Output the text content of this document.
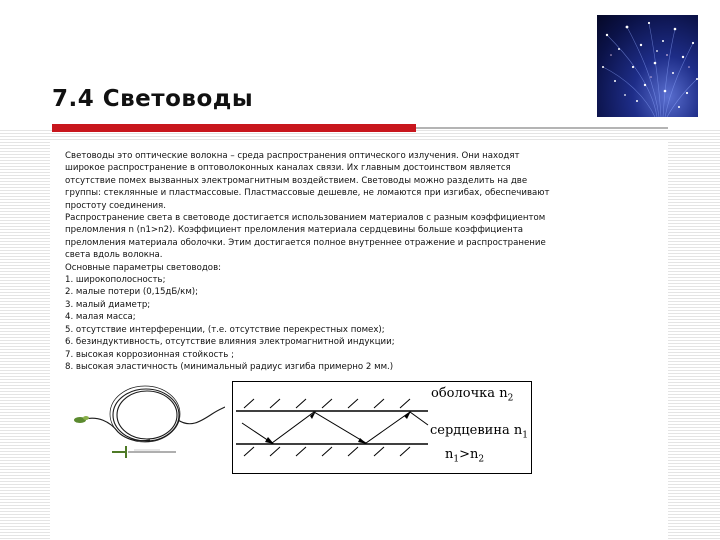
7.4 Световоды
Световоды это оптические волокна – среда распространения оптического излучения. Они находят
широкое распространение в оптоволоконных каналах связи. Их главным достоинством является
отсутствие помех вызванных электромагнитным воздействием. Световоды можно разделить на две
группы: стеклянные и пластмассовые. Пластмассовые дешевле, не ломаются при изгибах, обеспечивают
простоту соединения.
Распространение света в световоде достигается использованием материалов с разным коэффициентом
преломления n (n1>n2). Коэффициент преломления материала сердцевины больше коэффициента
преломления материала оболочки. Этим достигается полное внутреннее отражение и распространение
света вдоль волокна.
Основные параметры световодов:
1. широкополосность;
2. малые потери (0,15дБ/км);
3. малый диаметр;
4. малая масса;
5. отсутствие интерференции, (т.е. отсутствие перекрестных помех);
6. безиндуктивность, отсутствие влияния электромагнитной индукции;
7. высокая коррозионная стойкость ;
8. высокая эластичность (минимальный радиус изгиба примерно 2 мм.)
оболочка $n_2$
сердцевина $n_1$
$n_1>n_2$
